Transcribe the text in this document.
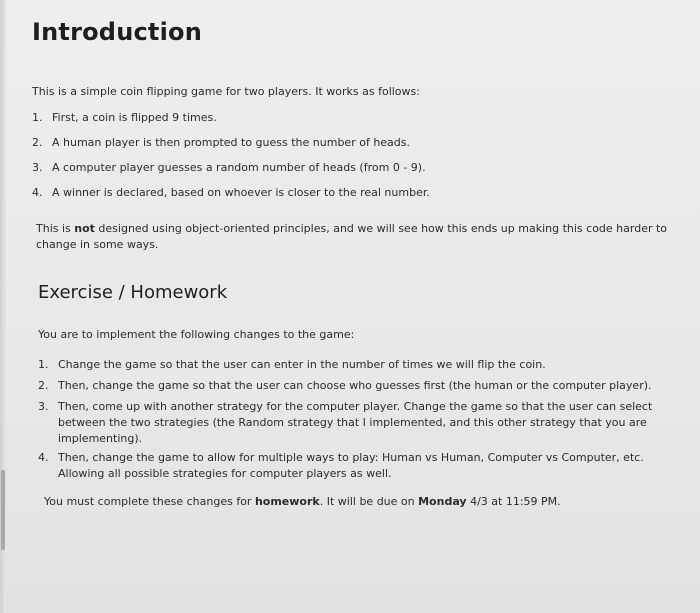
Introduction
This is a simple coin flipping game for two players. It works as follows:
1. First, a coin is flipped 9 times.
2. A human player is then prompted to guess the number of heads.
3. A computer player guesses a random number of heads (from 0 - 9).
4. A winner is declared, based on whoever is closer to the real number.
This is not designed using object-oriented principles, and we will see how this ends up making this code harder to change in some ways.
Exercise / Homework
You are to implement the following changes to the game:
1. Change the game so that the user can enter in the number of times we will flip the coin.
2. Then, change the game so that the user can choose who guesses first (the human or the computer player).
3. Then, come up with another strategy for the computer player. Change the game so that the user can select between the two strategies (the Random strategy that I implemented, and this other strategy that you are implementing).
4. Then, change the game to allow for multiple ways to play: Human vs Human, Computer vs Computer, etc. Allowing all possible strategies for computer players as well.
You must complete these changes for homework. It will be due on Monday 4/3 at 11:59 PM.
